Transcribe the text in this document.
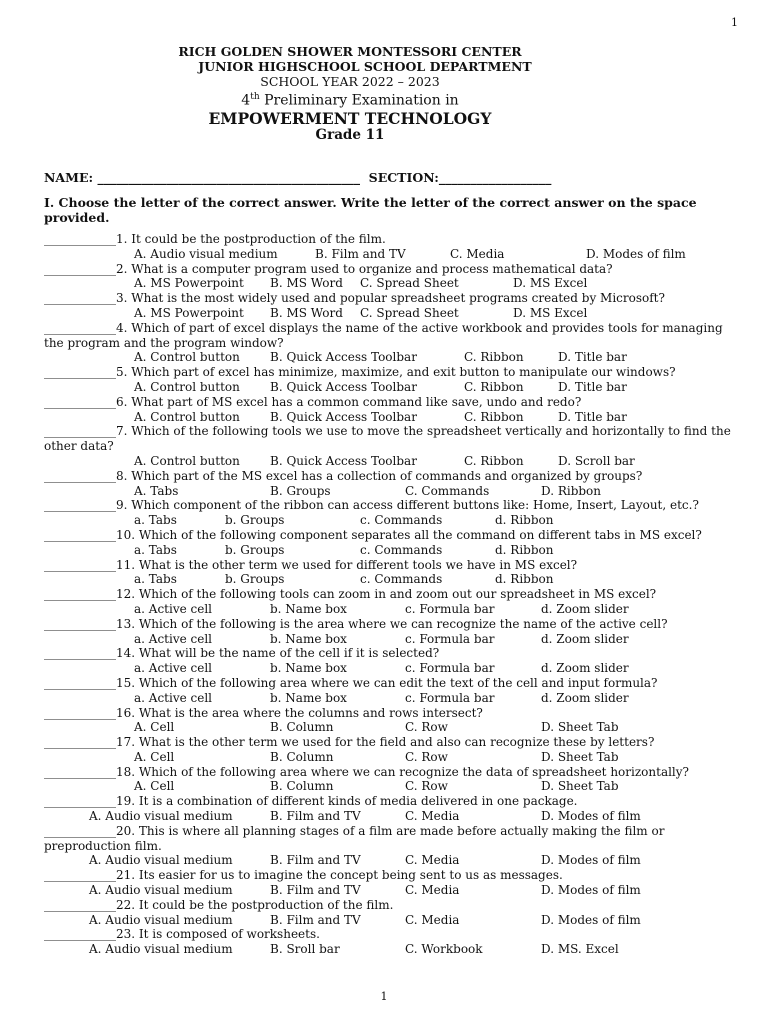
1
RICH GOLDEN SHOWER MONTESSORI CENTER
JUNIOR HIGHSCHOOL SCHOOL DEPARTMENT
SCHOOL YEAR 2022 – 2023
4th Preliminary Examination in
EMPOWERMENT TECHNOLOGY
Grade 11
NAME: __________________________________________  SECTION:__________________
I. Choose the letter of the correct answer. Write the letter of the correct answer on the space provided.
____________1. It could be the postproduction of the film.
A. Audio visual medium	B. Film and TV	C. Media	D. Modes of film
____________2. What is a computer program used to organize and process mathematical data?
A. MS Powerpoint B. MS Word C. Spread Sheet	D. MS Excel
____________3. What is the most widely used and popular spreadsheet programs created by Microsoft?
A. MS Powerpoint B. MS Word C. Spread Sheet	D. MS Excel
____________4. Which of part of excel displays the name of the active workbook and provides tools for managing the program and the program window?
A. Control button	B. Quick Access Toolbar	C. Ribbon	D. Title bar
____________5. Which part of excel has minimize, maximize, and exit button to manipulate our windows?
A. Control button	B. Quick Access Toolbar	C. Ribbon	D. Title bar
____________6. What part of MS excel has a common command like save, undo and redo?
A. Control button	B. Quick Access Toolbar	C. Ribbon	D. Title bar
____________7. Which of the following tools we use to move the spreadsheet vertically and horizontally to find the other data?
A. Control button	B. Quick Access Toolbar	C. Ribbon	D. Scroll bar
____________8. Which part of the MS excel has a collection of commands and organized by groups?
A. Tabs	B. Groups	C. Commands	D. Ribbon
____________9. Which component of the ribbon can access different buttons like: Home, Insert, Layout, etc.?
a. Tabs	b. Groups	c. Commands	d. Ribbon
____________10. Which of the following component separates all the command on different tabs in MS excel?
a. Tabs	b. Groups	c. Commands	d. Ribbon
____________11. What is the other term we used for different tools we have in MS excel?
a. Tabs	b. Groups	c. Commands	d. Ribbon
____________12. Which of the following tools can zoom in and zoom out our spreadsheet in MS excel?
a. Active cell	b. Name box	c. Formula bar	d. Zoom slider
____________13. Which of the following is the area where we can recognize the name of the active cell?
a. Active cell	b. Name box	c. Formula bar	d. Zoom slider
____________14. What will be the name of the cell if it is selected?
a. Active cell	b. Name box	c. Formula bar	d. Zoom slider
____________15. Which of the following area where we can edit the text of the cell and input formula?
a. Active cell	b. Name box	c. Formula bar	d. Zoom slider
____________16. What is the area where the columns and rows intersect?
A. Cell	B. Column	C. Row	D. Sheet Tab
____________17. What is the other term we used for the field and also can recognize these by letters?
A. Cell	B. Column	C. Row	D. Sheet Tab
____________18. Which of the following area where we can recognize the data of spreadsheet horizontally?
A. Cell	B. Column	C. Row	D. Sheet Tab
____________19. It is a combination of different kinds of media delivered in one package.
A. Audio visual medium	B. Film and TV	C. Media	D. Modes of film
____________20. This is where all planning stages of a film are made before actually making the film or preproduction film.
A. Audio visual medium	B. Film and TV	C. Media	D. Modes of film
____________21. Its easier for us to imagine the concept being sent to us as messages.
A. Audio visual medium	B. Film and TV	C. Media	D. Modes of film
____________22. It could be the postproduction of the film.
A. Audio visual medium	B. Film and TV	C. Media	D. Modes of film
____________23. It is composed of worksheets.
A. Audio visual medium	B. Sroll bar	C. Workbook	D. MS. Excel
1
